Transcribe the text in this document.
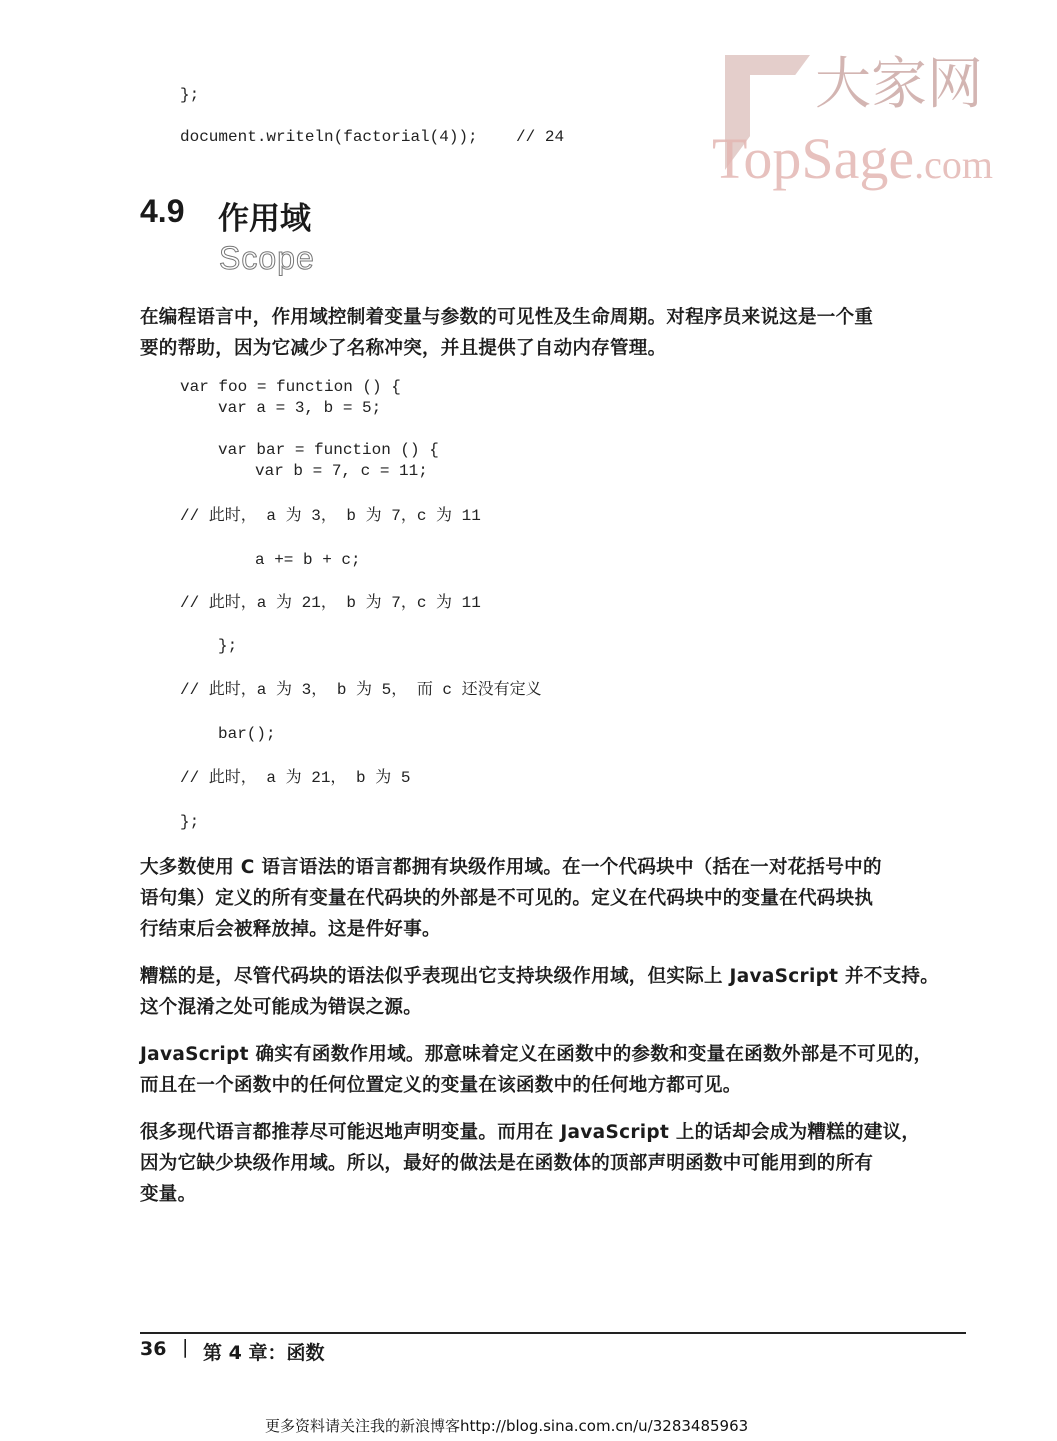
大家网
TopSage.com
};
document.writeln(factorial(4));    // 24
4.9 作用域
Scope
在编程语言中，作用域控制着变量与参数的可见性及生命周期。对程序员来说这是一个重
要的帮助，因为它减少了名称冲突，并且提供了自动内存管理。
var foo = function () {
var a = 3, b = 5;
var bar = function () {
var b = 7, c = 11;
// 此时， a 为 3， b 为 7，c 为 11
a += b + c;
// 此时，a 为 21， b 为 7，c 为 11
};
// 此时，a 为 3， b 为 5， 而 c 还没有定义
bar();
// 此时， a 为 21， b 为 5
};
大多数使用 C 语言语法的语言都拥有块级作用域。在一个代码块中（括在一对花括号中的
语句集）定义的所有变量在代码块的外部是不可见的。定义在代码块中的变量在代码块执
行结束后会被释放掉。这是件好事。
糟糕的是，尽管代码块的语法似乎表现出它支持块级作用域，但实际上 JavaScript 并不支持。
这个混淆之处可能成为错误之源。
JavaScript 确实有函数作用域。那意味着定义在函数中的参数和变量在函数外部是不可见的，
而且在一个函数中的任何位置定义的变量在该函数中的任何地方都可见。
很多现代语言都推荐尽可能迟地声明变量。而用在 JavaScript 上的话却会成为糟糕的建议，
因为它缺少块级作用域。所以，最好的做法是在函数体的顶部声明函数中可能用到的所有
变量。
36 | 第 4 章：函数
更多资料请关注我的新浪博客http://blog.sina.com.cn/u/3283485963
